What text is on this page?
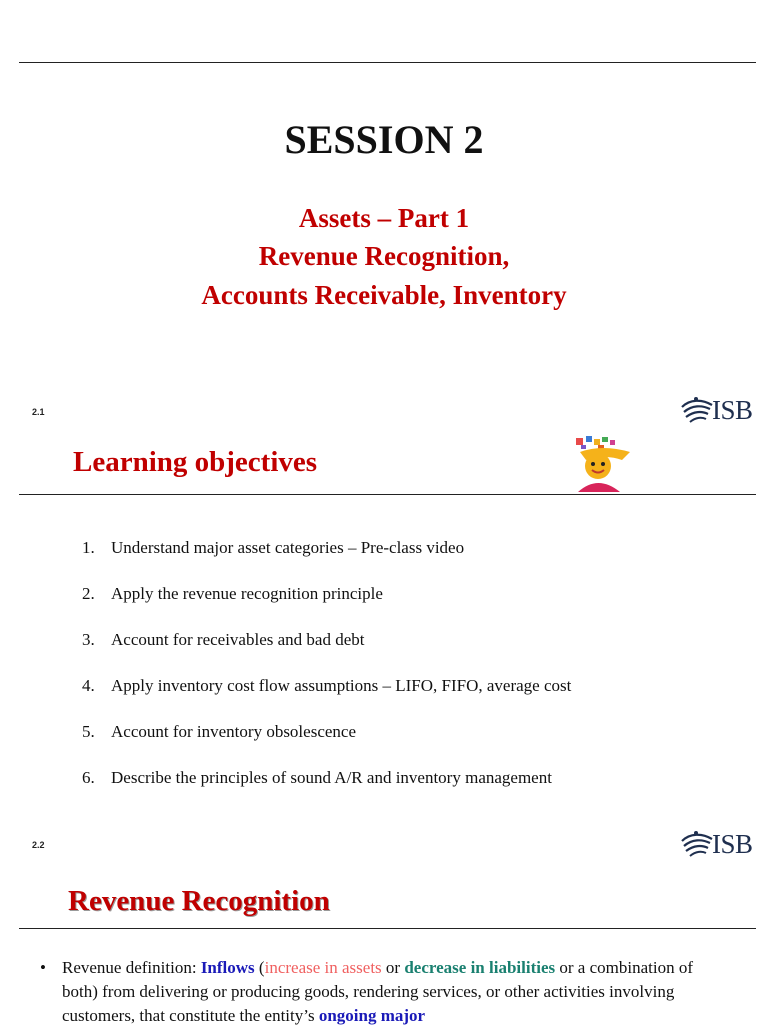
SESSION 2
Assets – Part 1
Revenue Recognition,
Accounts Receivable, Inventory
2.1	ISB
Learning objectives
1. Understand major asset categories – Pre-class video
2. Apply the revenue recognition principle
3. Account for receivables and bad debt
4. Apply inventory cost flow assumptions – LIFO, FIFO, average cost
5. Account for inventory obsolescence
6. Describe the principles of sound A/R and inventory management
2.2	ISB
Revenue Recognition
• Revenue definition: Inflows (increase in assets or decrease in liabilities or a combination of both) from delivering or producing goods, rendering services, or other activities involving customers, that constitute the entity’s ongoing major
